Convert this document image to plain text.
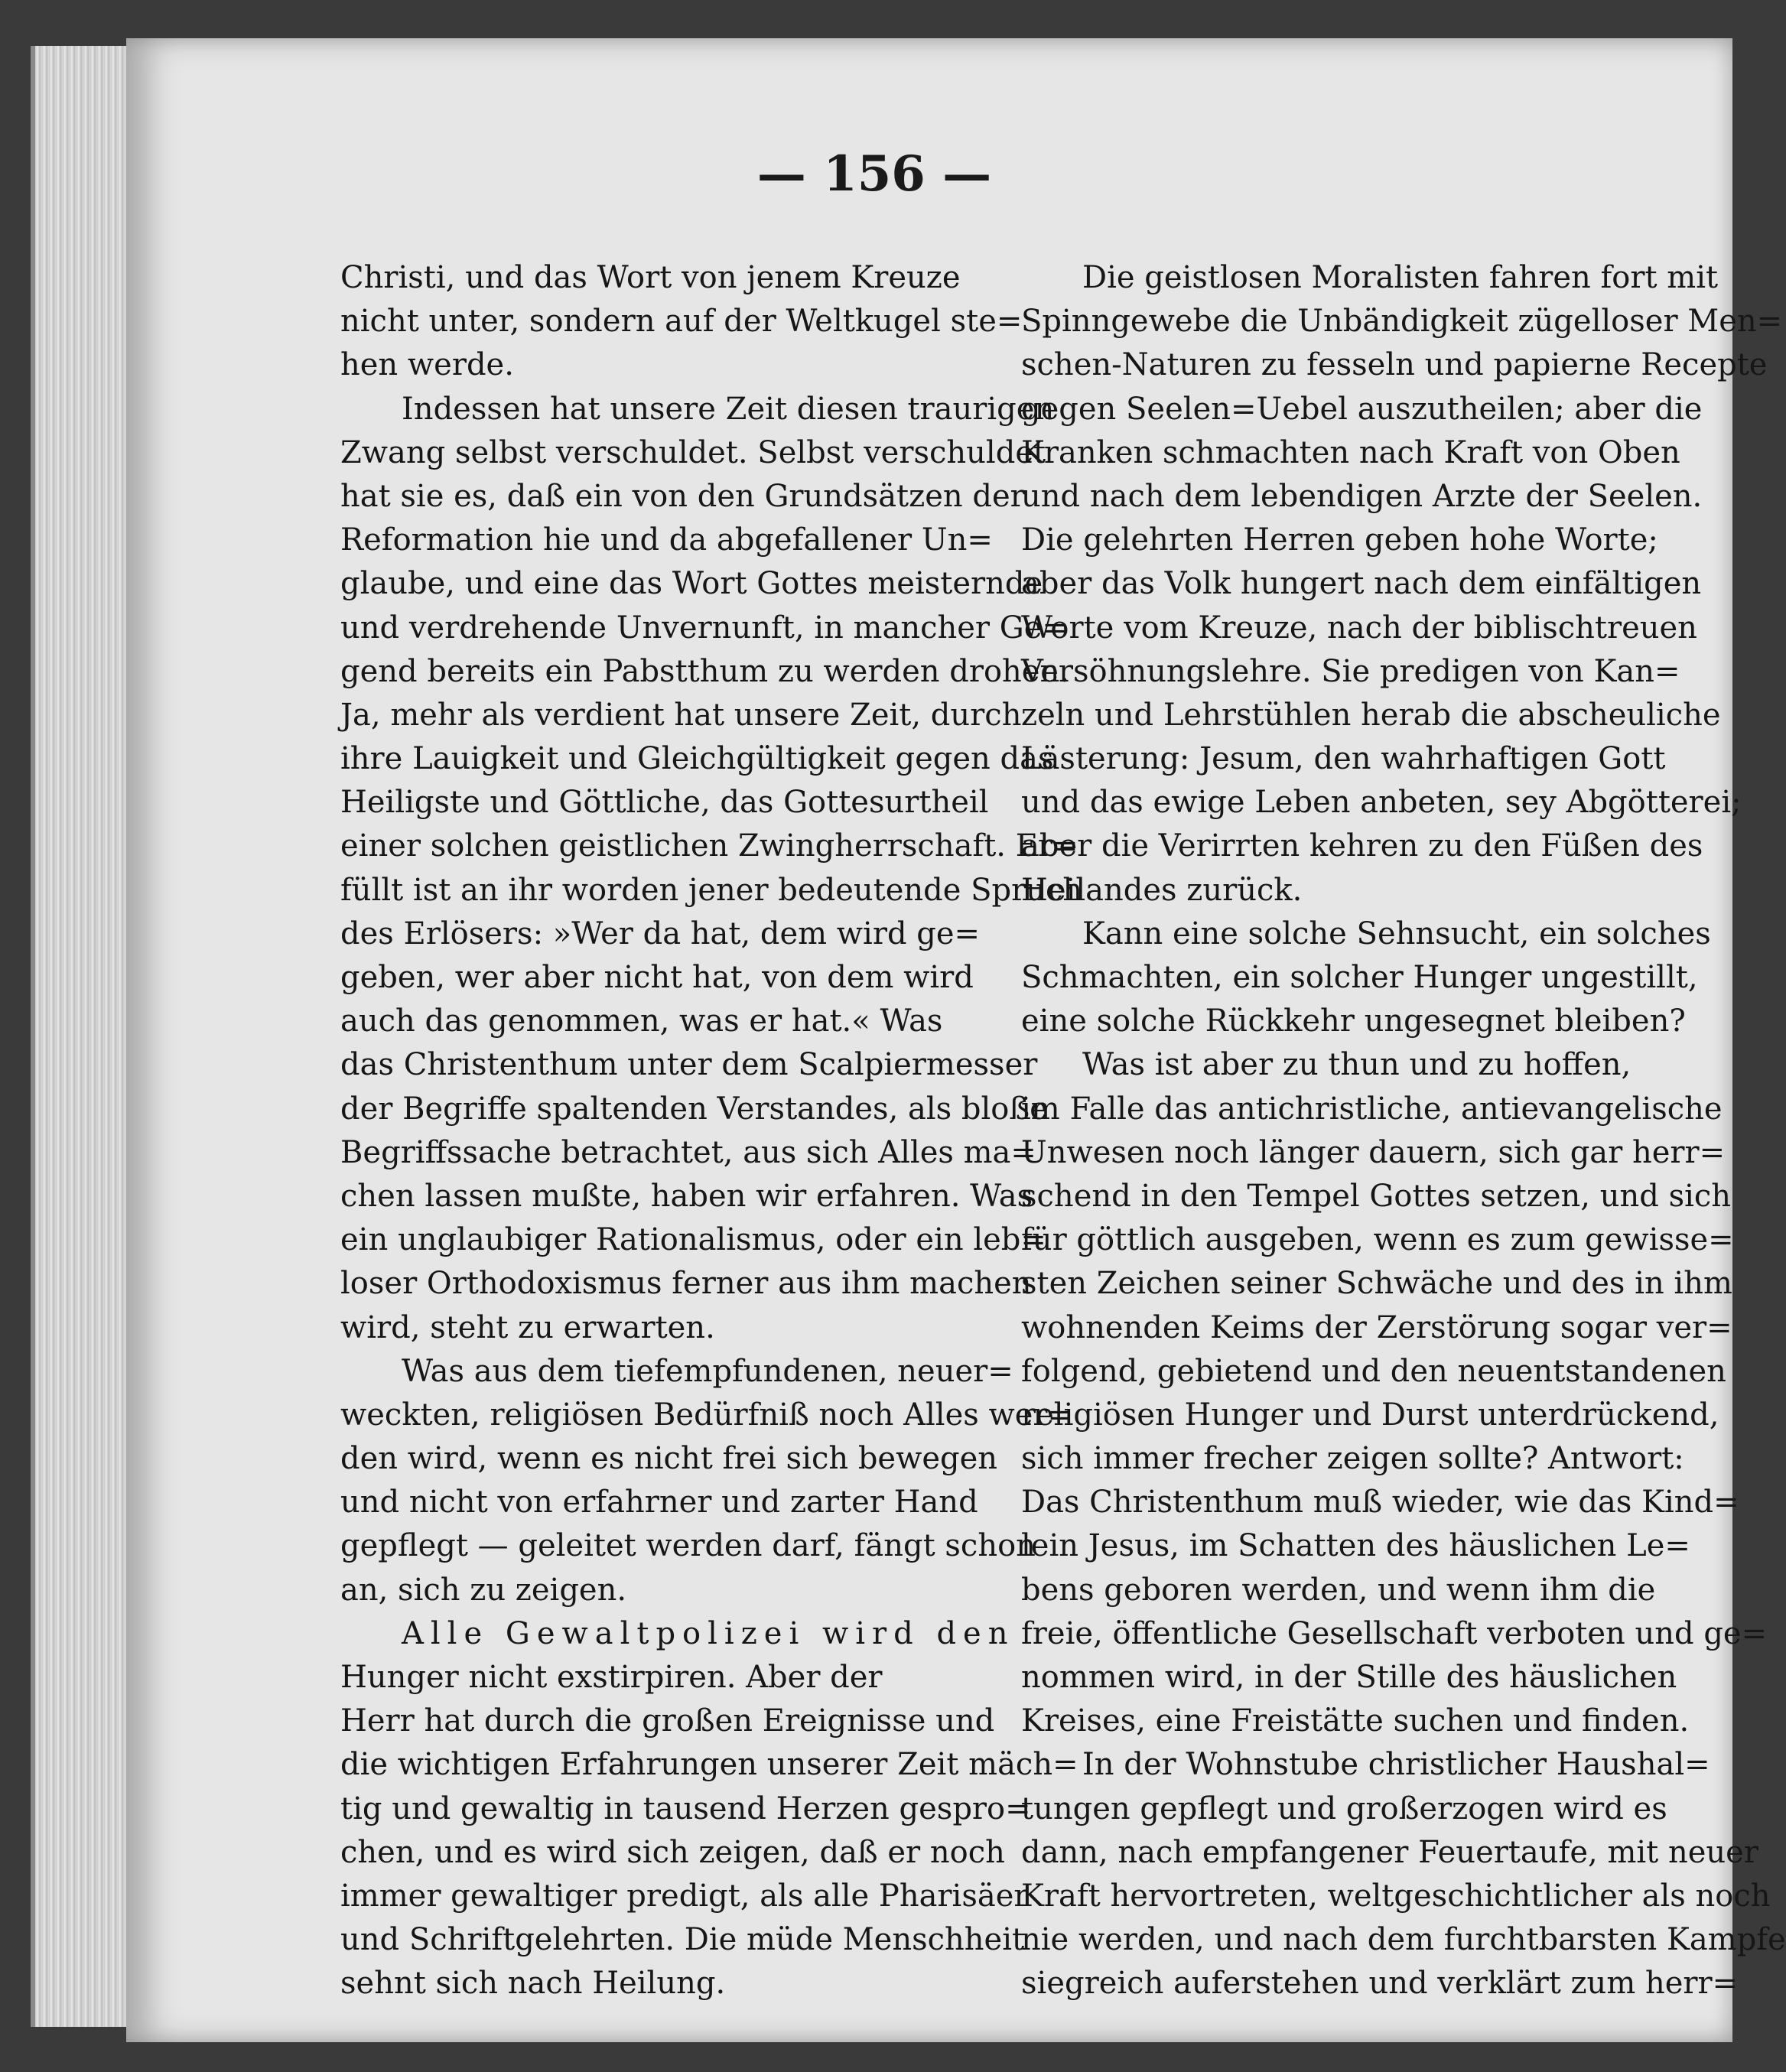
— 156 —
Christi, und das Wort von jenem Kreuze
nicht unter, sondern auf der Weltkugel ste=
hen werde.
Indessen hat unsere Zeit diesen traurigen
Zwang selbst verschuldet. Selbst verschuldet
hat sie es, daß ein von den Grundsätzen der
Reformation hie und da abgefallener Un=
glaube, und eine das Wort Gottes meisternde
und verdrehende Unvernunft, in mancher Ge=
gend bereits ein Pabstthum zu werden drohen.
Ja, mehr als verdient hat unsere Zeit, durch
ihre Lauigkeit und Gleichgültigkeit gegen das
Heiligste und Göttliche, das Gottesurtheil
einer solchen geistlichen Zwingherrschaft. Er=
füllt ist an ihr worden jener bedeutende Spruch
des Erlösers: »Wer da hat, dem wird ge=
geben, wer aber nicht hat, von dem wird
auch das genommen, was er hat.« Was
das Christenthum unter dem Scalpiermesser
der Begriffe spaltenden Verstandes, als bloße
Begriffssache betrachtet, aus sich Alles ma=
chen lassen mußte, haben wir erfahren. Was
ein unglaubiger Rationalismus, oder ein leb=
loser Orthodoxismus ferner aus ihm machen
wird, steht zu erwarten.
Was aus dem tiefempfundenen, neuer=
weckten, religiösen Bedürfniß noch Alles wer=
den wird, wenn es nicht frei sich bewegen
und nicht von erfahrner und zarter Hand
gepflegt — geleitet werden darf, fängt schon
an, sich zu zeigen.
Alle Gewaltpolizei wird den
Hunger nicht exstirpiren. Aber der
Herr hat durch die großen Ereignisse und
die wichtigen Erfahrungen unserer Zeit mäch=
tig und gewaltig in tausend Herzen gespro=
chen, und es wird sich zeigen, daß er noch
immer gewaltiger predigt, als alle Pharisäer
und Schriftgelehrten. Die müde Menschheit
sehnt sich nach Heilung.
Die geistlosen Moralisten fahren fort mit
Spinngewebe die Unbändigkeit zügelloser Men=
schen-Naturen zu fesseln und papierne Recepte
gegen Seelen=Uebel auszutheilen; aber die
Kranken schmachten nach Kraft von Oben
und nach dem lebendigen Arzte der Seelen.
Die gelehrten Herren geben hohe Worte;
aber das Volk hungert nach dem einfältigen
Worte vom Kreuze, nach der biblischtreuen
Versöhnungslehre. Sie predigen von Kan=
zeln und Lehrstühlen herab die abscheuliche
Lästerung: Jesum, den wahrhaftigen Gott
und das ewige Leben anbeten, sey Abgötterei;
aber die Verirrten kehren zu den Füßen des
Heilandes zurück.
Kann eine solche Sehnsucht, ein solches
Schmachten, ein solcher Hunger ungestillt,
eine solche Rückkehr ungesegnet bleiben?
Was ist aber zu thun und zu hoffen,
im Falle das antichristliche, antievangelische
Unwesen noch länger dauern, sich gar herr=
schend in den Tempel Gottes setzen, und sich
für göttlich ausgeben, wenn es zum gewisse=
sten Zeichen seiner Schwäche und des in ihm
wohnenden Keims der Zerstörung sogar ver=
folgend, gebietend und den neuentstandenen
religiösen Hunger und Durst unterdrückend,
sich immer frecher zeigen sollte? Antwort:
Das Christenthum muß wieder, wie das Kind=
lein Jesus, im Schatten des häuslichen Le=
bens geboren werden, und wenn ihm die
freie, öffentliche Gesellschaft verboten und ge=
nommen wird, in der Stille des häuslichen
Kreises, eine Freistätte suchen und finden.
In der Wohnstube christlicher Haushal=
tungen gepflegt und großerzogen wird es
dann, nach empfangener Feuertaufe, mit neuer
Kraft hervortreten, weltgeschichtlicher als noch
nie werden, und nach dem furchtbarsten Kampfe
siegreich auferstehen und verklärt zum herr=
